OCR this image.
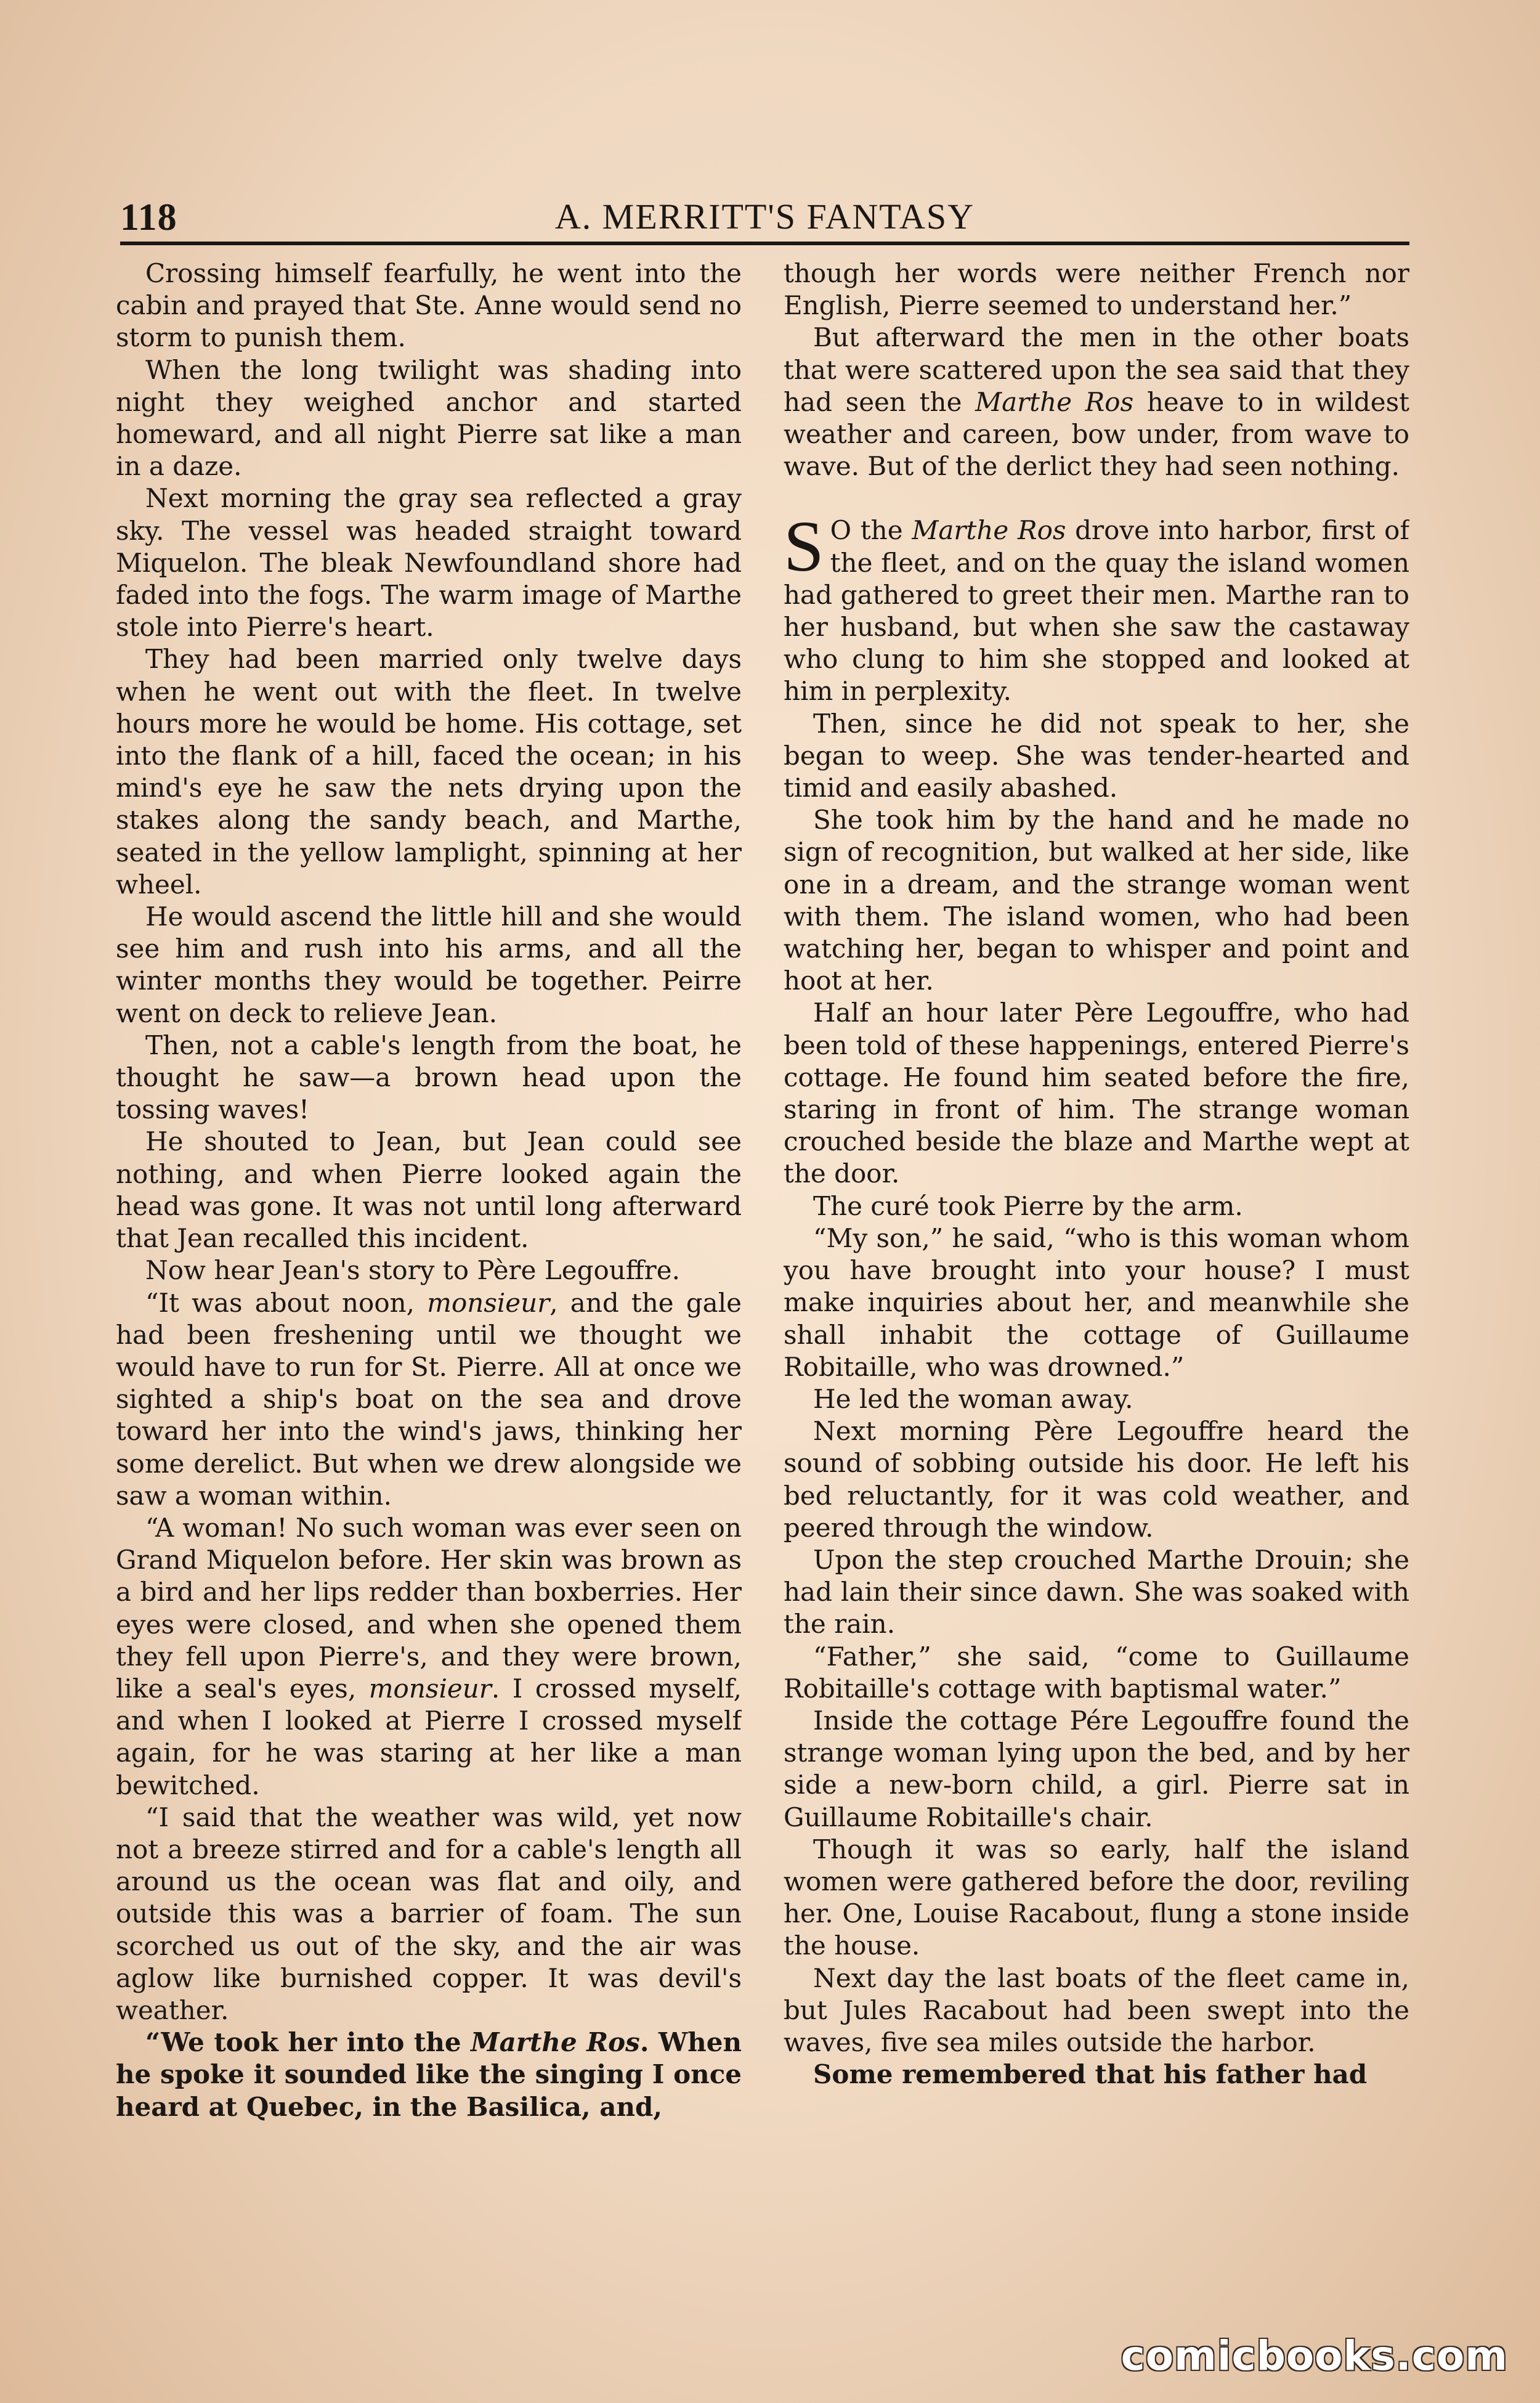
118	A. MERRITT'S FANTASY

Crossing himself fearfully, he went into the cabin and prayed that Ste. Anne would send no storm to punish them.

When the long twilight was shading into night they weighed anchor and started homeward, and all night Pierre sat like a man in a daze.

Next morning the gray sea reflected a gray sky. The vessel was headed straight toward Miquelon. The bleak Newfoundland shore had faded into the fogs. The warm image of Marthe stole into Pierre's heart.

They had been married only twelve days when he went out with the fleet. In twelve hours more he would be home. His cottage, set into the flank of a hill, faced the ocean; in his mind's eye he saw the nets drying upon the stakes along the sandy beach, and Marthe, seated in the yellow lamplight, spinning at her wheel.

He would ascend the little hill and she would see him and rush into his arms, and all the winter months they would be together. Peirre went on deck to relieve Jean.

Then, not a cable's length from the boat, he thought he saw—a brown head upon the tossing waves!

He shouted to Jean, but Jean could see nothing, and when Pierre looked again the head was gone. It was not until long afterward that Jean recalled this incident.

Now hear Jean's story to Père Legouffre.

“It was about noon, monsieur, and the gale had been freshening until we thought we would have to run for St. Pierre. All at once we sighted a ship's boat on the sea and drove toward her into the wind's jaws, thinking her some derelict. But when we drew alongside we saw a woman within.

“A woman! No such woman was ever seen on Grand Miquelon before. Her skin was brown as a bird and her lips redder than boxberries. Her eyes were closed, and when she opened them they fell upon Pierre's, and they were brown, like a seal's eyes, monsieur. I crossed myself, and when I looked at Pierre I crossed myself again, for he was staring at her like a man bewitched.

“I said that the weather was wild, yet now not a breeze stirred and for a cable's length all around us the ocean was flat and oily, and outside this was a barrier of foam. The sun scorched us out of the sky, and the air was aglow like burnished copper. It was devil's weather.

“We took her into the Marthe Ros. When he spoke it sounded like the singing I once heard at Quebec, in the Basilica, and,

though her words were neither French nor English, Pierre seemed to understand her.”

But afterward the men in the other boats that were scattered upon the sea said that they had seen the Marthe Ros heave to in wildest weather and careen, bow under, from wave to wave. But of the derlict they had seen nothing.

S O the Marthe Ros drove into harbor, first of the fleet, and on the quay the island women had gathered to greet their men. Marthe ran to her husband, but when she saw the castaway who clung to him she stopped and looked at him in perplexity.

Then, since he did not speak to her, she began to weep. She was tender-hearted and timid and easily abashed.

She took him by the hand and he made no sign of recognition, but walked at her side, like one in a dream, and the strange woman went with them. The island women, who had been watching her, began to whisper and point and hoot at her.

Half an hour later Père Legouffre, who had been told of these happenings, entered Pierre's cottage. He found him seated before the fire, staring in front of him. The strange woman crouched beside the blaze and Marthe wept at the door.

The curé took Pierre by the arm.

“My son,” he said, “who is this woman whom you have brought into your house? I must make inquiries about her, and meanwhile she shall inhabit the cottage of Guillaume Robitaille, who was drowned.”

He led the woman away.

Next morning Père Legouffre heard the sound of sobbing outside his door. He left his bed reluctantly, for it was cold weather, and peered through the window.

Upon the step crouched Marthe Drouin; she had lain their since dawn. She was soaked with the rain.

“Father,” she said, “come to Guillaume Robitaille's cottage with baptismal water.”

Inside the cottage Pére Legouffre found the strange woman lying upon the bed, and by her side a new-born child, a girl. Pierre sat in Guillaume Robitaille's chair.

Though it was so early, half the island women were gathered before the door, reviling her. One, Louise Racabout, flung a stone inside the house.

Next day the last boats of the fleet came in, but Jules Racabout had been swept into the waves, five sea miles outside the harbor.

Some remembered that his father had

comicbooks.com
